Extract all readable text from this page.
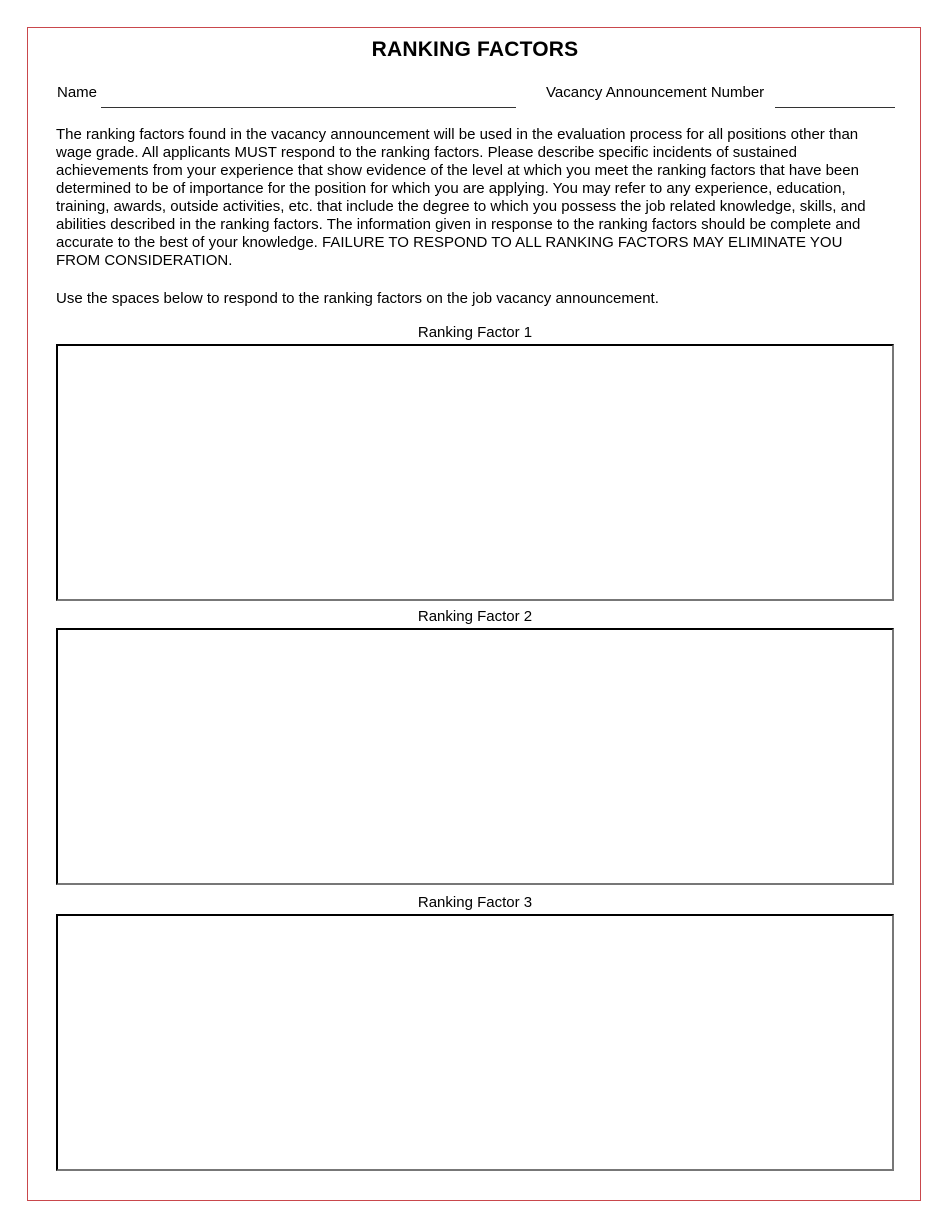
RANKING FACTORS
Name	Vacancy Announcement Number

The ranking factors found in the vacancy announcement will be used in the evaluation process for all positions other than wage grade. All applicants MUST respond to the ranking factors. Please describe specific incidents of sustained achievements from your experience that show evidence of the level at which you meet the ranking factors that have been determined to be of importance for the position for which you are applying. You may refer to any experience, education, training, awards, outside activities, etc. that include the degree to which you possess the job related knowledge, skills, and abilities described in the ranking factors. The information given in response to the ranking factors should be complete and accurate to the best of your knowledge. FAILURE TO RESPOND TO ALL RANKING FACTORS MAY ELIMINATE YOU FROM CONSIDERATION.

Use the spaces below to respond to the ranking factors on the job vacancy announcement.

Ranking Factor 1
Ranking Factor 2
Ranking Factor 3
